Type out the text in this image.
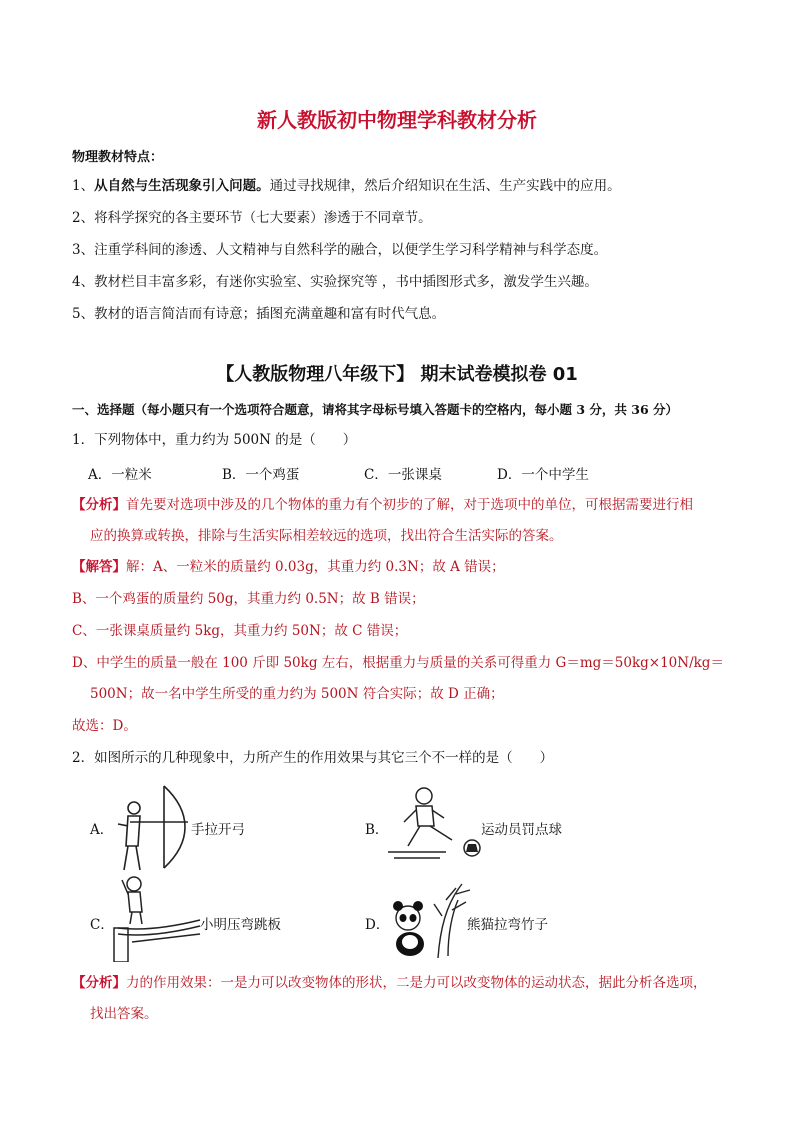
新人教版初中物理学科教材分析
物理教材特点：
1、从自然与生活现象引入问题。通过寻找规律，然后介绍知识在生活、生产实践中的应用。
2、将科学探究的各主要环节（七大要素）渗透于不同章节。
3、注重学科间的渗透、人文精神与自然科学的融合，以便学生学习科学精神与科学态度。
4、教材栏目丰富多彩，有迷你实验室、实验探究等 ，书中插图形式多，激发学生兴趣。
5、教材的语言简洁而有诗意；插图充满童趣和富有时代气息。
【人教版物理八年级下】 期末试卷模拟卷 01
一、选择题（每小题只有一个选项符合题意，请将其字母标号填入答题卡的空格内，每小题 3 分，共 36 分）
1．下列物体中，重力约为 500N 的是（　　）
A．一粒米	B．一个鸡蛋	C．一张课桌	D．一个中学生
【分析】首先要对选项中涉及的几个物体的重力有个初步的了解，对于选项中的单位，可根据需要进行相
应的换算或转换，排除与生活实际相差较远的选项，找出符合生活实际的答案。
【解答】解：A、一粒米的质量约 0.03g，其重力约 0.3N；故 A 错误；
B、一个鸡蛋的质量约 50g，其重力约 0.5N；故 B 错误；
C、一张课桌质量约 5kg，其重力约 50N；故 C 错误；
D、中学生的质量一般在 100 斤即 50kg 左右，根据重力与质量的关系可得重力 G＝mg＝50kg×10N/kg＝
500N；故一名中学生所受的重力约为 500N 符合实际；故 D 正确；
故选：D。
2．如图所示的几种现象中，力所产生的作用效果与其它三个不一样的是（　　）
A．	手拉开弓	B．	运动员罚点球
C．	小明压弯跳板	D．	熊猫拉弯竹子
【分析】力的作用效果：一是力可以改变物体的形状，二是力可以改变物体的运动状态，据此分析各选项，
找出答案。
